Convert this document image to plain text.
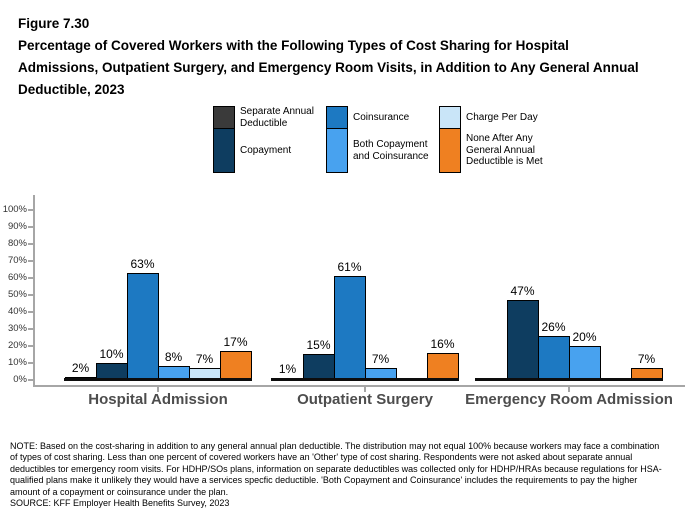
Figure 7.30

Percentage of Covered Workers with the Following Types of Cost Sharing for Hospital Admissions, Outpatient Surgery, and Emergency Room Visits, in Addition to Any General Annual Deductible, 2023
Separate Annual Deductible
Copayment
Coinsurance
Both Copayment and Coinsurance
Charge Per Day
None After Any General Annual Deductible is Met
0%
10%
20%
30%
40%
50%
60%
70%
80%
90%
100%
Hospital Admission
2%
10%
63%
8%	7%
17%
Outpatient Surgery
1%
15%
61%
7%
16%
Emergency Room Admission
47%
26%
20%
7%

NOTE: Based on the cost-sharing in addition to any general annual plan deductible. The distribution may not equal 100% because workers may face a combination of types of cost sharing. Less than one percent of covered workers have an 'Other' type of cost sharing. Respondents were not asked about separate annual deductibles tor emergency room visits. For HDHP/SOs plans, information on separate deductibles was collected only for HDHP/HRAs because regulations for HSA-qualified plans make it unlikely they would have a services specfic deductible. 'Both Copayment and Coinsurance' includes the requirements to pay the higher amount of a copayment or coinsurance under the plan.

SOURCE: KFF Employer Health Benefits Survey, 2023
